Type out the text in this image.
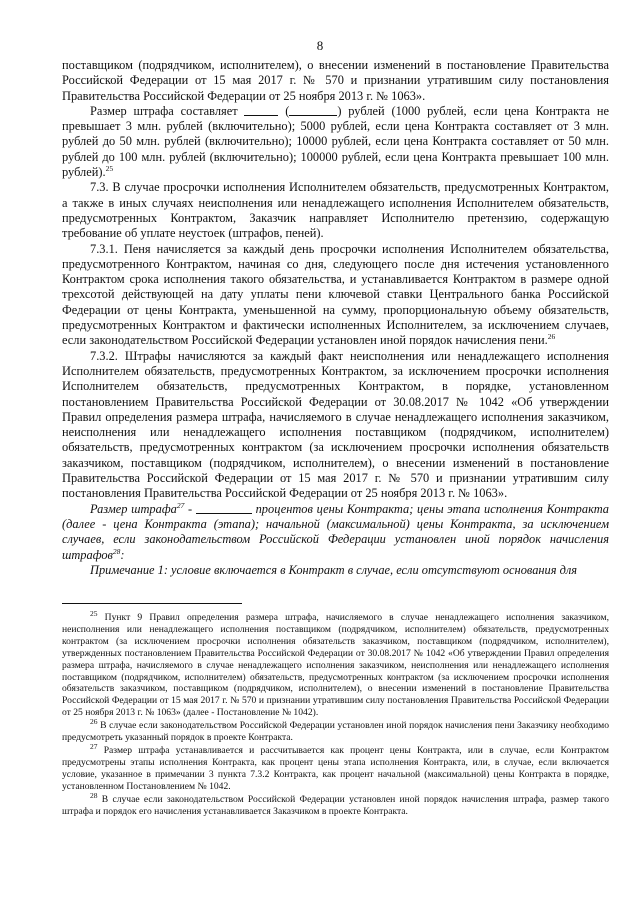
8

поставщиком (подрядчиком, исполнителем), о внесении изменений в постановление Правительства Российской Федерации от 15 мая 2017 г. № 570 и признании утратившим силу постановления Правительства Российской Федерации от 25 ноября 2013 г. № 1063».

Размер штрафа составляет	(	) рублей (1000 рублей, если цена Контракта не превышает 3 млн. рублей (включительно); 5000 рублей, если цена Контракта составляет от 3 млн. рублей до 50 млн. рублей (включительно); 10000 рублей, если цена Контракта составляет от 50 млн. рублей до 100 млн. рублей (включительно); 100000 рублей, если цена Контракта превышает 100 млн. рублей).$^{25}$

7.3. В случае просрочки исполнения Исполнителем обязательств, предусмотренных Контрактом, а также в иных случаях неисполнения или ненадлежащего исполнения Исполнителем обязательств, предусмотренных Контрактом, Заказчик направляет Исполнителю претензию, содержащую требование об уплате неустоек (штрафов, пеней).

7.3.1. Пеня начисляется за каждый день просрочки исполнения Исполнителем обязательства, предусмотренного Контрактом, начиная со дня, следующего после дня истечения установленного Контрактом срока исполнения такого обязательства, и устанавливается Контрактом в размере одной трехсотой действующей на дату уплаты пени ключевой ставки Центрального банка Российской Федерации от цены Контракта, уменьшенной на сумму, пропорциональную объему обязательств, предусмотренных Контрактом и фактически исполненных Исполнителем, за исключением случаев, если законодательством Российской Федерации установлен иной порядок начисления пени.$^{26}$

7.3.2. Штрафы начисляются за каждый факт неисполнения или ненадлежащего исполнения Исполнителем обязательств, предусмотренных Контрактом, за исключением просрочки исполнения Исполнителем обязательств, предусмотренных Контрактом, в порядке, установленном постановлением Правительства Российской Федерации от 30.08.2017 № 1042 «Об утверждении Правил определения размера штрафа, начисляемого в случае ненадлежащего исполнения заказчиком, неисполнения или ненадлежащего исполнения поставщиком (подрядчиком, исполнителем) обязательств, предусмотренных контрактом (за исключением просрочки исполнения обязательств заказчиком, поставщиком (подрядчиком, исполнителем), о внесении изменений в постановление Правительства Российской Федерации от 15 мая 2017 г. № 570 и признании утратившим силу постановления Правительства Российской Федерации от 25 ноября 2013 г. № 1063».

Размер штрафа$^{27}$ -	процентов цены Контракта; цены этапа исполнения Контракта (далее - цена Контракта (этапа); начальной (максимальной) цены Контракта, за исключением случаев, если законодательством Российской Федерации установлен иной порядок начисления штрафов$^{28}$:

Примечание 1: условие включается в Контракт в случае, если отсутствуют основания для

$^{25}$ Пункт 9 Правил определения размера штрафа, начисляемого в случае ненадлежащего исполнения заказчиком, неисполнения или ненадлежащего исполнения поставщиком (подрядчиком, исполнителем) обязательств, предусмотренных контрактом (за исключением просрочки исполнения обязательств заказчиком, поставщиком (подрядчиком, исполнителем), утвержденных постановлением Правительства Российской Федерации от 30.08.2017 № 1042 «Об утверждении Правил определения размера штрафа, начисляемого в случае ненадлежащего исполнения заказчиком, неисполнения или ненадлежащего исполнения поставщиком (подрядчиком, исполнителем) обязательств, предусмотренных контрактом (за исключением просрочки исполнения обязательств заказчиком, поставщиком (подрядчиком, исполнителем), о внесении изменений в постановление Правительства Российской Федерации от 15 мая 2017 г. № 570 и признании утратившим силу постановления Правительства Российской Федерации от 25 ноября 2013 г. № 1063» (далее - Постановление № 1042).

$^{26}$ В случае если законодательством Российской Федерации установлен иной порядок начисления пени Заказчику необходимо предусмотреть указанный порядок в проекте Контракта.

$^{27}$ Размер штрафа устанавливается и рассчитывается как процент цены Контракта, или в случае, если Контрактом предусмотрены этапы исполнения Контракта, как процент цены этапа исполнения Контракта, или, в случае, если включается условие, указанное в примечании 3 пункта 7.3.2 Контракта, как процент начальной (максимальной) цены Контракта в порядке, установленном Постановлением № 1042.

$^{28}$ В случае если законодательством Российской Федерации установлен иной порядок начисления штрафа, размер такого штрафа и порядок его начисления устанавливается Заказчиком в проекте Контракта.
